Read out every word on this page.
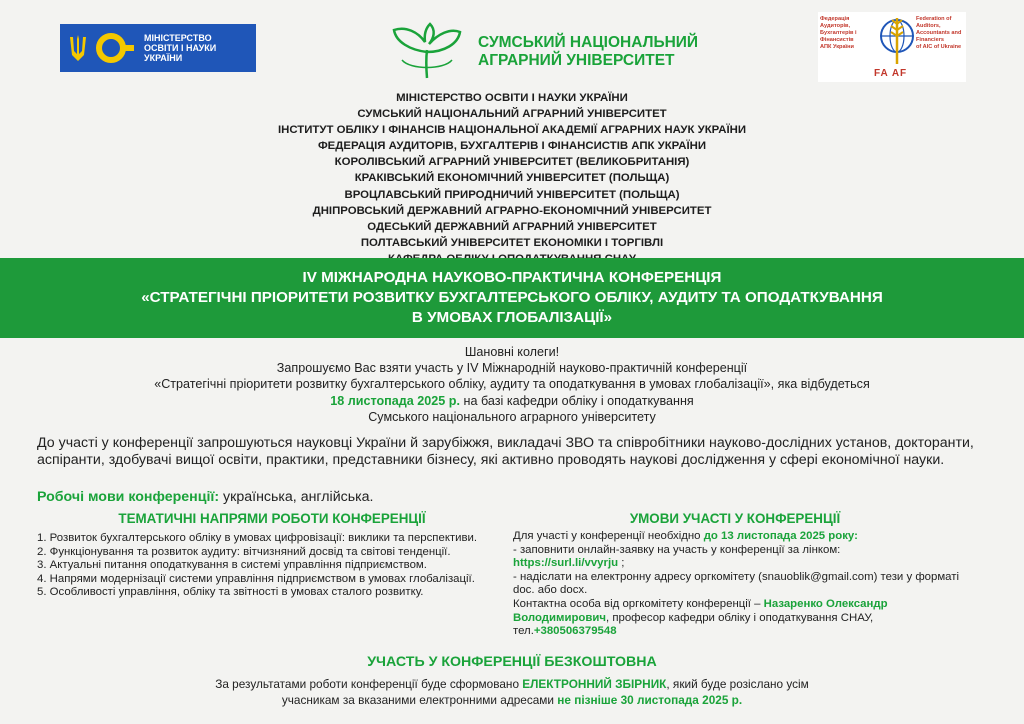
МІНІСТЕРСТВО
ОСВІТИ І НАУКИ
УКРАЇНИ
СУМСЬКИЙ НАЦІОНАЛЬНИЙ
АГРАРНИЙ УНІВЕРСИТЕТ
Федерація
Аудиторів,
Бухгалтерів і
Фінансистів
АПК України
Federation of
Auditors,
Accountants and
Financiers
of AIC of Ukraine
FA AF
МІНІСТЕРСТВО ОСВІТИ І НАУКИ УКРАЇНИ
СУМСЬКИЙ НАЦІОНАЛЬНИЙ АГРАРНИЙ УНІВЕРСИТЕТ
ІНСТИТУТ ОБЛІКУ І ФІНАНСІВ НАЦІОНАЛЬНОЇ АКАДЕМІЇ АГРАРНИХ НАУК УКРАЇНИ
ФЕДЕРАЦІЯ АУДИТОРІВ, БУХГАЛТЕРІВ І ФІНАНСИСТІВ АПК УКРАЇНИ
КОРОЛІВСЬКИЙ АГРАРНИЙ УНІВЕРСИТЕТ (ВЕЛИКОБРИТАНІЯ)
КРАКІВСЬКИЙ ЕКОНОМІЧНИЙ УНІВЕРСИТЕТ (ПОЛЬЩА)
ВРОЦЛАВСЬКИЙ ПРИРОДНИЧИЙ УНІВЕРСИТЕТ (ПОЛЬЩА)
ДНІПРОВСЬКИЙ ДЕРЖАВНИЙ АГРАРНО-ЕКОНОМІЧНИЙ УНІВЕРСИТЕТ
ОДЕСЬКИЙ ДЕРЖАВНИЙ АГРАРНИЙ УНІВЕРСИТЕТ
ПОЛТАВСЬКИЙ УНІВЕРСИТЕТ ЕКОНОМІКИ І ТОРГІВЛІ
IV МІЖНАРОДНА НАУКОВО-ПРАКТИЧНА КОНФЕРЕНЦІЯ
«СТРАТЕГІЧНІ ПРІОРИТЕТИ РОЗВИТКУ БУХГАЛТЕРСЬКОГО ОБЛІКУ, АУДИТУ ТА ОПОДАТКУВАННЯ
В УМОВАХ ГЛОБАЛІЗАЦІЇ»
Шановні колеги!
Запрошуємо Вас взяти участь у IV Міжнародній науково-практичній конференції
«Стратегічні пріоритети розвитку бухгалтерського обліку, аудиту та оподаткування в умовах глобалізації», яка відбудеться
18 листопада 2025 р. на базі кафедри обліку і оподаткування
Сумського національного аграрного університету
До участі у конференції запрошуються науковці України й зарубіжжя, викладачі ЗВО та співробітники науково-дослідних установ, докторанти, аспіранти, здобувачі вищої освіти, практики, представники бізнесу, які активно проводять наукові дослідження у сфері економічної науки.
Робочі мови конференції: українська, англійська.
ТЕМАТИЧНІ НАПРЯМИ РОБОТИ КОНФЕРЕНЦІЇ
1. Розвиток бухгалтерського обліку в умовах цифровізації: виклики та перспективи.
2. Функціонування та розвиток аудиту: вітчизняний досвід та світові тенденції.
3. Актуальні питання оподаткування в системі управління підприємством.
4. Напрями модернізації системи управління підприємством в умовах глобалізації.
5. Особливості управління, обліку та звітності в умовах сталого розвитку.
УМОВИ УЧАСТІ У КОНФЕРЕНЦІЇ
Для участі у конференції необхідно до 13 листопада 2025 року:
- заповнити онлайн-заявку на участь у конференції за лінком:
https://surl.li/vvyrju ;
- надіслати на електронну адресу оргкомітету (snauoblik@gmail.com) тези у форматі doc. або docx.
Контактна особа від оргкомітету конференції – Назаренко Олександр Володимирович, професор кафедри обліку і оподаткування СНАУ,
тел.+380506379548
УЧАСТЬ У КОНФЕРЕНЦІЇ БЕЗКОШТОВНА
За результатами роботи конференції буде сформовано ЕЛЕКТРОННИЙ ЗБІРНИК, який буде розіслано усім
учасникам за вказаними електронними адресами не пізніше 30 листопада 2025 р.
